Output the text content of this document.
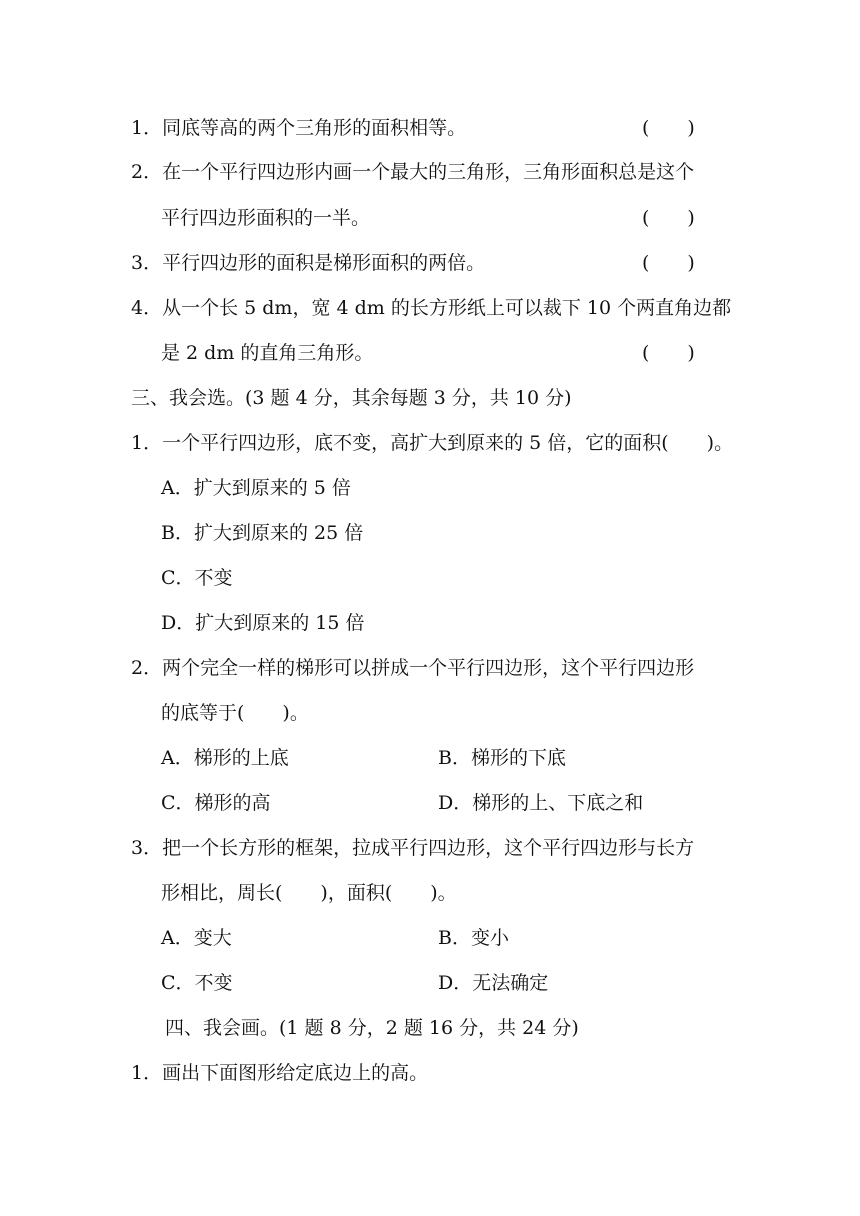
1．同底等高的两个三角形的面积相等。	(　　)
2．在一个平行四边形内画一个最大的三角形，三角形面积总是这个
平行四边形面积的一半。	(　　)
3．平行四边形的面积是梯形面积的两倍。	(　　)
4．从一个长 5 dm，宽 4 dm 的长方形纸上可以裁下 10 个两直角边都
是 2 dm 的直角三角形。	(　　)
三、我会选。(3 题 4 分，其余每题 3 分，共 10 分)
1．一个平行四边形，底不变，高扩大到原来的 5 倍，它的面积(　　)。
A．扩大到原来的 5 倍
B．扩大到原来的 25 倍
C．不变
D．扩大到原来的 15 倍
2．两个完全一样的梯形可以拼成一个平行四边形，这个平行四边形
的底等于(　　)。
A．梯形的上底	B．梯形的下底
C．梯形的高	D．梯形的上、下底之和
3．把一个长方形的框架，拉成平行四边形，这个平行四边形与长方
形相比，周长(　　)，面积(　　)。
A．变大	B．变小
C．不变	D．无法确定
四、我会画。(1 题 8 分，2 题 16 分，共 24 分)
1．画出下面图形给定底边上的高。
